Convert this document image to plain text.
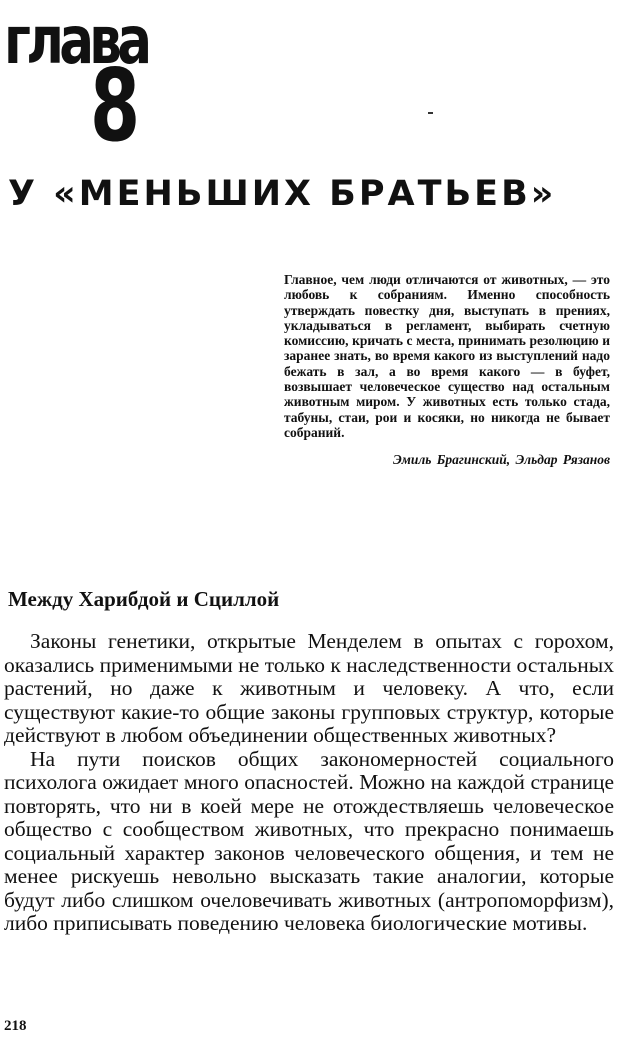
глава
8
У «МЕНЬШИХ БРАТЬЕВ»

Главное, чем люди отличаются от животных, — это любовь к собраниям. Именно способность утверждать повестку дня, выступать в прениях, укладываться в регламент, выбирать счетную комиссию, кричать с места, принимать резолюцию и заранее знать, во время какого из выступлений надо бежать в зал, а во время какого — в буфет, возвышает человеческое существо над остальным животным миром. У животных есть только стада, табуны, стаи, рои и косяки, но никогда не бывает собраний.

Эмиль Брагинский, Эльдар Рязанов

Между Харибдой и Сциллой

Законы генетики, открытые Менделем в опытах с горохом, оказались применимыми не только к наследственности остальных растений, но даже к животным и человеку. А что, если существуют какие-то общие законы групповых структур, которые действуют в любом объединении общественных животных?

На пути поисков общих закономерностей социального психолога ожидает много опасностей. Можно на каждой странице повторять, что ни в коей мере не отождествляешь человеческое общество с сообществом животных, что прекрасно понимаешь социальный характер законов человеческого общения, и тем не менее рискуешь невольно высказать такие аналогии, которые будут либо слишком очеловечивать животных (антропоморфизм), либо приписывать поведению человека биологические мотивы.

218
